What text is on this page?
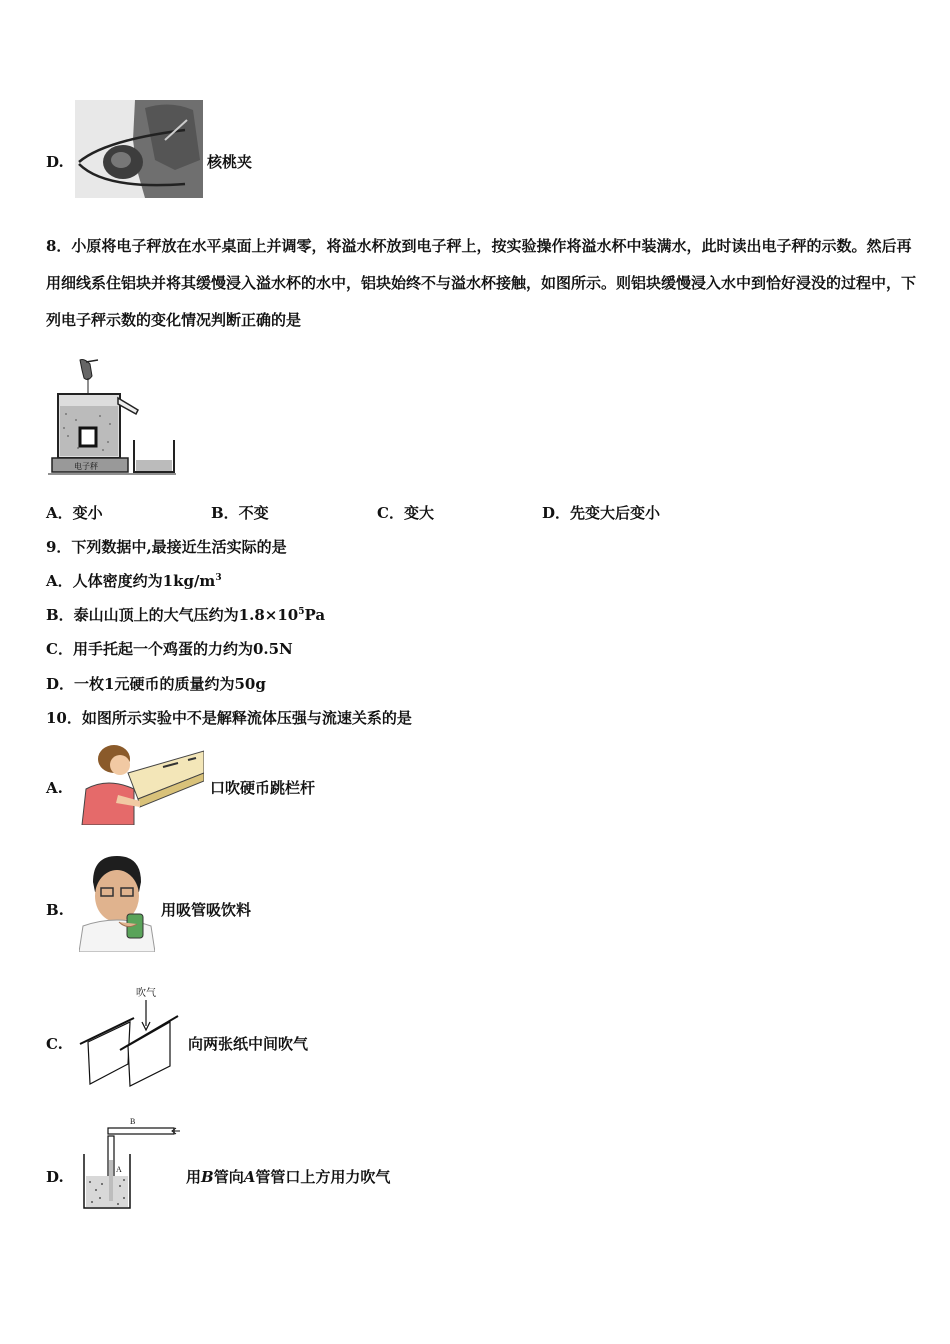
D.	核桃夹
8．小原将电子秤放在水平桌面上并调零，将溢水杯放到电子秤上，按实验操作将溢水杯中装满水，此时读出电子秤的示数。然后再用细线系住铝块并将其缓慢浸入溢水杯的水中，铝块始终不与溢水杯接触，如图所示。则铝块缓慢浸入水中到恰好浸没的过程中，下列电子秤示数的变化情况判断正确的是
电子秤
A．变小	B．不变	C．变大	D．先变大后变小
9．下列数据中,最接近生活实际的是
A．人体密度约为$1kg/m^3$
B．泰山山顶上的大气压约为$1.8\times 10^5Pa$
C．用手托起一个鸡蛋的力约为0.5N
D．一枚1元硬币的质量约为50g
10．如图所示实验中不是解释流体压强与流速关系的是
A.	口吹硬币跳栏杆
B.	用吸管吸饮料
C.
吹气
向两张纸中间吹气
D.
B
A	用B管向A管管口上方用力吹气
